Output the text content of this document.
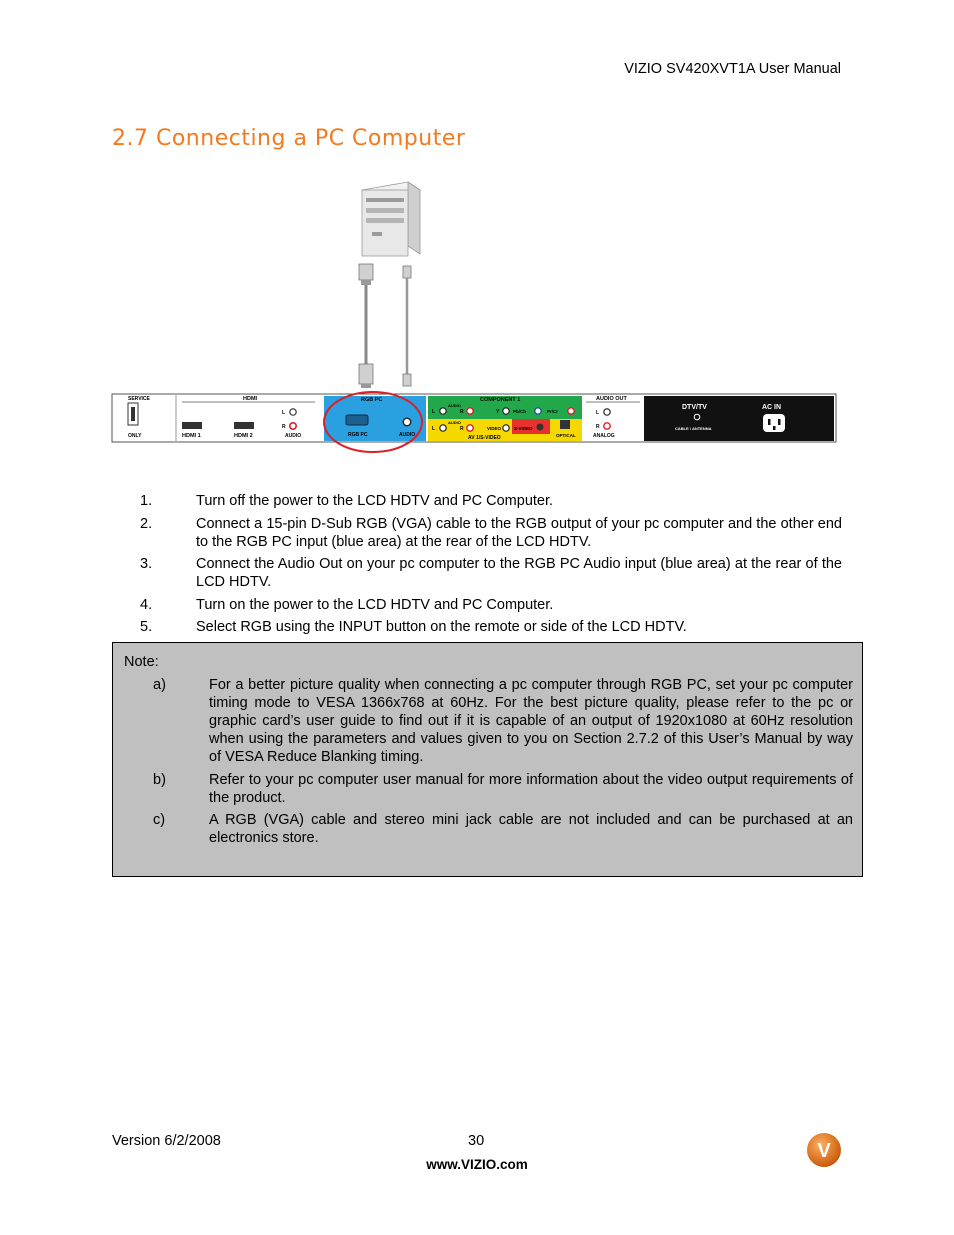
VIZIO SV420XVT1A User Manual
2.7 Connecting a PC Computer
SERVICE
ONLY
HDMI
HDMI 1	HDMI 2
L
R
AUDIO
RGB PC
RGB PC	AUDIO
COMPONENT 1
AUDIO
L	R	Y	Pb/Cb	Pr/Cr
AUDIO
L	R	VIDEO	S-VIDEO
AV 1/S-VIDEO	OPTICAL
AUDIO OUT
L
R
ANALOG
DTV/TV
CABLE / ANTENNA
AC IN
1.	Turn off the power to the LCD HDTV and PC Computer.
2.	Connect a 15-pin D-Sub RGB (VGA) cable to the RGB output of your pc computer and the other end to the RGB PC input (blue area) at the rear of the LCD HDTV.
3.	Connect the Audio Out on your pc computer to the RGB PC Audio input (blue area) at the rear of the LCD HDTV.
4.	Turn on the power to the LCD HDTV and PC Computer.
5.	Select RGB using the INPUT button on the remote or side of the LCD HDTV.
Note:
a)	For a better picture quality when connecting a pc computer through RGB PC, set your pc computer timing mode to VESA 1366x768 at 60Hz. For the best picture quality, please refer to the pc or graphic card’s user guide to find out if it is capable of an output of 1920x1080 at 60Hz resolution when using the parameters and values given to you on Section 2.7.2 of this User’s Manual by way of VESA Reduce Blanking timing.
b)	Refer to your pc computer user manual for more information about the video output requirements of the product.
c)	A RGB (VGA) cable and stereo mini jack cable are not included and can be purchased at an electronics store.
Version 6/2/2008	30
www.VIZIO.com
V
